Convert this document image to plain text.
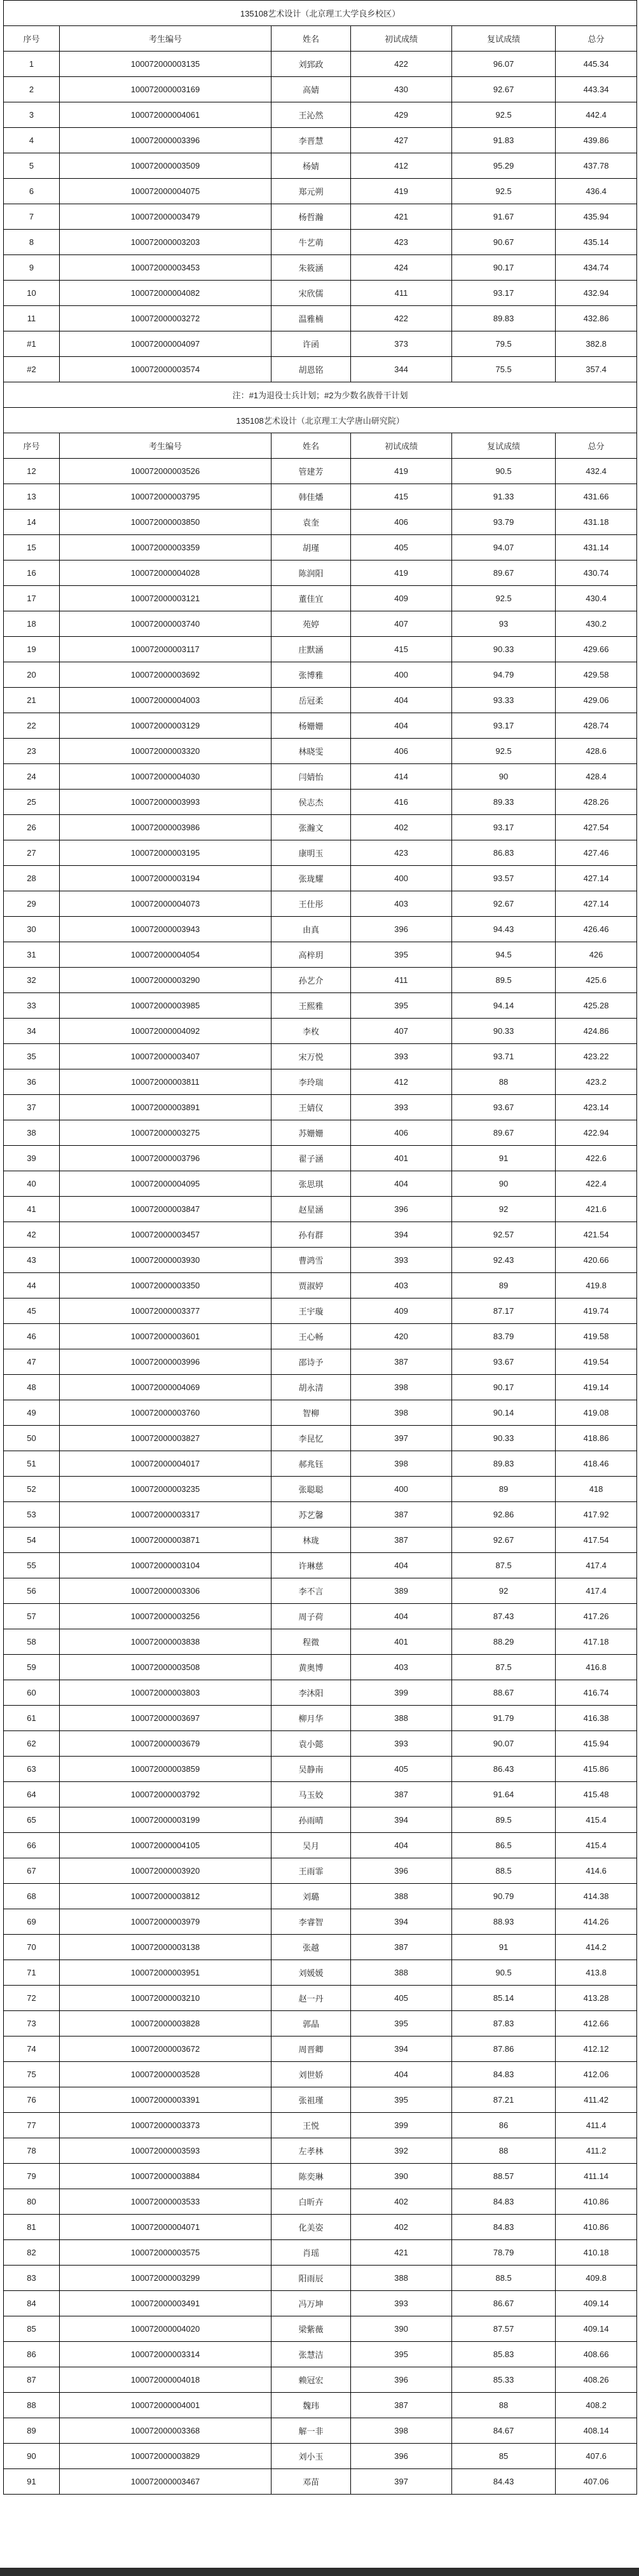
135108艺术设计（北京理工大学良乡校区）					
序号	考生编号	姓名	初试成绩	复试成绩	总分
1	100072000003135	刘郅政	422	96.07	445.34
2	100072000003169	高婧	430	92.67	443.34
3	100072000004061	王沁然	429	92.5	442.4
4	100072000003396	李晋慧	427	91.83	439.86
5	100072000003509	杨婧	412	95.29	437.78
6	100072000004075	郑元朔	419	92.5	436.4
7	100072000003479	杨哲瀚	421	91.67	435.94
8	100072000003203	牛艺萌	423	90.67	435.14
9	100072000003453	朱筱涵	424	90.17	434.74
10	100072000004082	宋欣儒	411	93.17	432.94
11	100072000003272	温雅楠	422	89.83	432.86
#1	100072000004097	许函	373	79.5	382.8
#2	100072000003574	胡恩铭	344	75.5	357.4
注：#1为退役士兵计划；#2为少数名族骨干计划					
135108艺术设计（北京理工大学唐山研究院）					
序号	考生编号	姓名	初试成绩	复试成绩	总分
12	100072000003526	管建芳	419	90.5	432.4
13	100072000003795	韩佳燔	415	91.33	431.66
14	100072000003850	袁奎	406	93.79	431.18
15	100072000003359	胡瑾	405	94.07	431.14
16	100072000004028	陈润阳	419	89.67	430.74
17	100072000003121	董佳宜	409	92.5	430.4
18	100072000003740	苑婷	407	93	430.2
19	100072000003117	庄默涵	415	90.33	429.66
20	100072000003692	张博雅	400	94.79	429.58
21	100072000004003	岳冠柔	404	93.33	429.06
22	100072000003129	杨姗姗	404	93.17	428.74
23	100072000003320	林晓雯	406	92.5	428.6
24	100072000004030	闫婧怡	414	90	428.4
25	100072000003993	侯志杰	416	89.33	428.26
26	100072000003986	张瀚文	402	93.17	427.54
27	100072000003195	康明玉	423	86.83	427.46
28	100072000003194	张珑耀	400	93.57	427.14
29	100072000004073	王仕彤	403	92.67	427.14
30	100072000003943	由真	396	94.43	426.46
31	100072000004054	高梓玥	395	94.5	426
32	100072000003290	孙艺介	411	89.5	425.6
33	100072000003985	王熙雅	395	94.14	425.28
34	100072000004092	李枚	407	90.33	424.86
35	100072000003407	宋万悦	393	93.71	423.22
36	100072000003811	李玲瑞	412	88	423.2
37	100072000003891	王婧仪	393	93.67	423.14
38	100072000003275	苏姗姗	406	89.67	422.94
39	100072000003796	翟子涵	401	91	422.6
40	100072000004095	张思琪	404	90	422.4
41	100072000003847	赵星涵	396	92	421.6
42	100072000003457	孙有群	394	92.57	421.54
43	100072000003930	曹鸿雪	393	92.43	420.66
44	100072000003350	贾淑婷	403	89	419.8
45	100072000003377	王宇璇	409	87.17	419.74
46	100072000003601	王心畅	420	83.79	419.58
47	100072000003996	邵诗予	387	93.67	419.54
48	100072000004069	胡永清	398	90.17	419.14
49	100072000003760	智柳	398	90.14	419.08
50	100072000003827	李昆忆	397	90.33	418.86
51	100072000004017	郝兆钰	398	89.83	418.46
52	100072000003235	张聪聪	400	89	418
53	100072000003317	苏艺馨	387	92.86	417.92
54	100072000003871	林珑	387	92.67	417.54
55	100072000003104	许琳慈	404	87.5	417.4
56	100072000003306	李不言	389	92	417.4
57	100072000003256	周子荷	404	87.43	417.26
58	100072000003838	程微	401	88.29	417.18
59	100072000003508	黄奥博	403	87.5	416.8
60	100072000003803	李沐阳	399	88.67	416.74
61	100072000003697	柳月华	388	91.79	416.38
62	100072000003679	袁小懿	393	90.07	415.94
63	100072000003859	吴静南	405	86.43	415.86
64	100072000003792	马玉姣	387	91.64	415.48
65	100072000003199	孙雨晴	394	89.5	415.4
66	100072000004105	吴月	404	86.5	415.4
67	100072000003920	王雨霏	396	88.5	414.6
68	100072000003812	刘璐	388	90.79	414.38
69	100072000003979	李睿智	394	88.93	414.26
70	100072000003138	张越	387	91	414.2
71	100072000003951	刘媛媛	388	90.5	413.8
72	100072000003210	赵一丹	405	85.14	413.28
73	100072000003828	郭晶	395	87.83	412.66
74	100072000003672	周晋卿	394	87.86	412.12
75	100072000003528	刘世娇	404	84.83	412.06
76	100072000003391	张祖瑾	395	87.21	411.42
77	100072000003373	王悦	399	86	411.4
78	100072000003593	左孝林	392	88	411.2
79	100072000003884	陈奕琳	390	88.57	411.14
80	100072000003533	白昕卉	402	84.83	410.86
81	100072000004071	化美姿	402	84.83	410.86
82	100072000003575	肖瑶	421	78.79	410.18
83	100072000003299	阳雨辰	388	88.5	409.8
84	100072000003491	冯万坤	393	86.67	409.14
85	100072000004020	梁紫薇	390	87.57	409.14
86	100072000003314	张慧洁	395	85.83	408.66
87	100072000004018	赖冠宏	396	85.33	408.26
88	100072000004001	魏玮	387	88	408.2
89	100072000003368	解一非	398	84.67	408.14
90	100072000003829	刘小玉	396	85	407.6
91	100072000003467	邓苗	397	84.43	407.06
